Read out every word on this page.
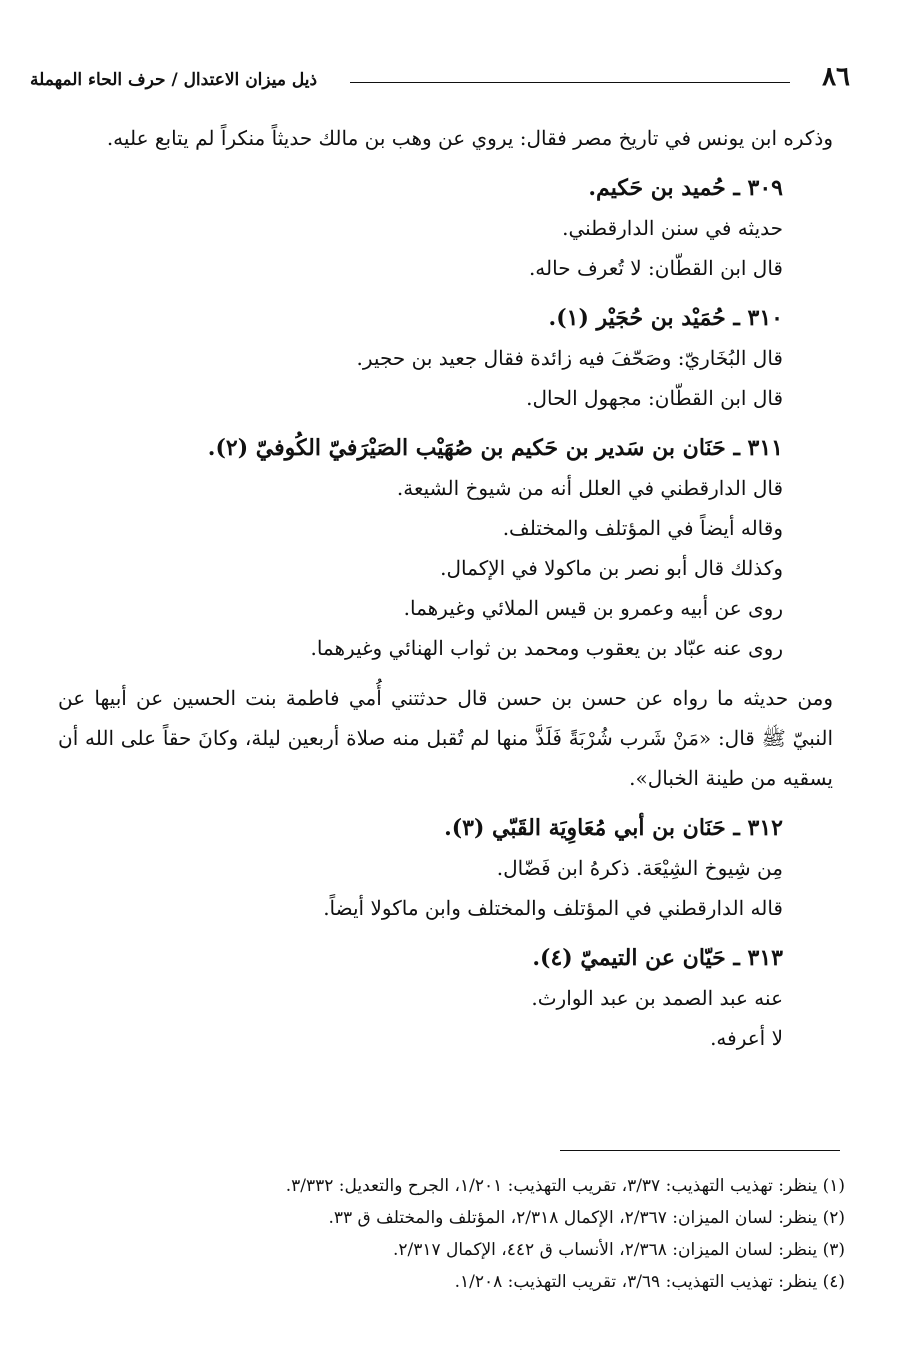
٨٦
ذيل ميزان الاعتدال / حرف الحاء المهملة

وذكره ابن يونس في تاريخ مصر فقال: يروي عن وهب بن مالك حديثاً منكراً لم يتابع عليه.

٣٠٩ ـ حُميد بن حَكيم.

حديثه في سنن الدارقطني.

قال ابن القطّان: لا تُعرف حاله.

٣١٠ ـ حُمَيْد بن حُجَيْر (١).

قال البُخَاريّ: وصَحّفَ فيه زائدة فقال جعيد بن حجير.

قال ابن القطّان: مجهول الحال.

٣١١ ـ حَنَان بن سَدير بن حَكيم بن صُهَيْب الصَيْرَفيّ الكُوفيّ (٢).

قال الدارقطني في العلل أنه من شيوخ الشيعة.

وقاله أيضاً في المؤتلف والمختلف.

وكذلك قال أبو نصر بن ماكولا في الإكمال.

روى عن أبيه وعمرو بن قيس الملائي وغيرهما.

روى عنه عبّاد بن يعقوب ومحمد بن ثواب الهنائي وغيرهما.

ومن حديثه ما رواه عن حسن بن حسن قال حدثتني أُمي فاطمة بنت الحسين عن أبيها عن النبيّ ﷺ قال: «مَنْ شَرب شُرْبَةً فَلَذَّ منها لم تُقبل منه صلاة أربعين ليلة، وكانَ حقاً على الله أن يسقيه من طينة الخبال».

٣١٢ ـ حَنَان بن أبي مُعَاوِيَة القَبّي (٣).

مِن شِيوخ الشِيْعَة. ذكرهُ ابن فَضّال.

قاله الدارقطني في المؤتلف والمختلف وابن ماكولا أيضاً.

٣١٣ ـ حَيّان عن التيميّ (٤).

عنه عبد الصمد بن عبد الوارث.

لا أعرفه.

(١) ينظر: تهذيب التهذيب: ٣/٣٧، تقريب التهذيب: ١/٢٠١، الجرح والتعديل: ٣/٣٣٢.

(٢) ينظر: لسان الميزان: ٢/٣٦٧، الإكمال ٢/٣١٨، المؤتلف والمختلف ق ٣٣.

(٣) ينظر: لسان الميزان: ٢/٣٦٨، الأنساب ق ٤٤٢، الإكمال ٢/٣١٧.

(٤) ينظر: تهذيب التهذيب: ٣/٦٩، تقريب التهذيب: ١/٢٠٨.
